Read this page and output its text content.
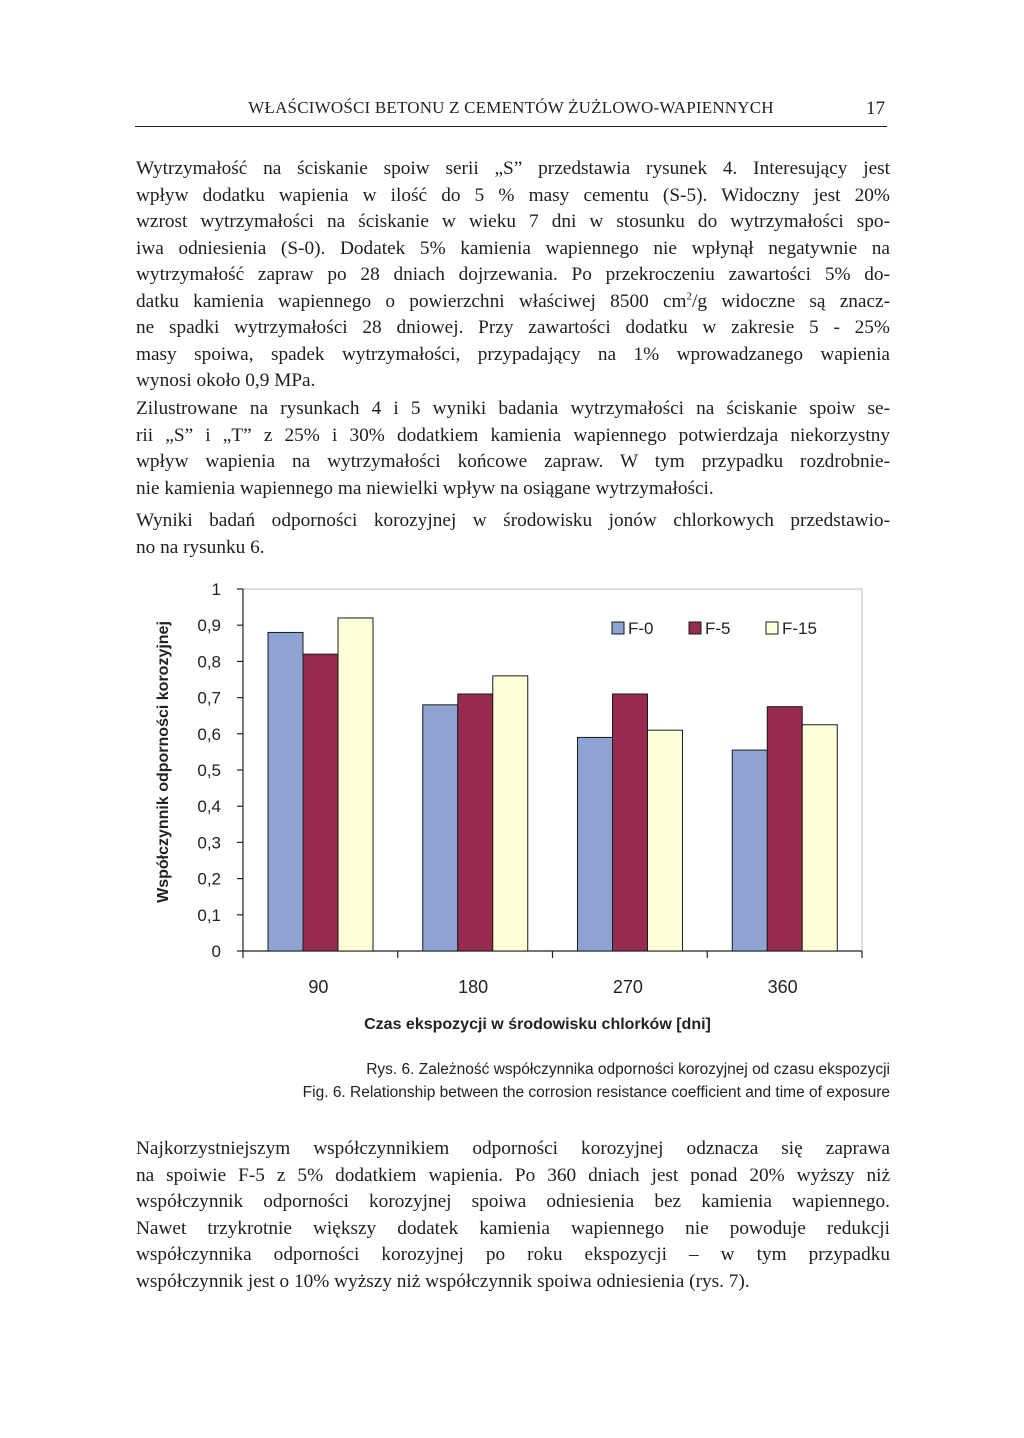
WŁAŚCIWOŚCI BETONU Z CEMENTÓW ŻUŻLOWO-WAPIENNYCH	17
Wytrzymałość na ściskanie spoiw serii „S” przedstawia rysunek 4. Interesujący jest
wpływ dodatku wapienia w ilość do 5 % masy cementu (S-5). Widoczny jest 20%
wzrost wytrzymałości na ściskanie w wieku 7 dni w stosunku do wytrzymałości spo-
iwa odniesienia (S-0). Dodatek 5% kamienia wapiennego nie wpłynął negatywnie na
wytrzymałość zapraw po 28 dniach dojrzewania. Po przekroczeniu zawartości 5% do-
datku kamienia wapiennego o powierzchni właściwej 8500 $cm^2/g$ widoczne są znacz-
ne spadki wytrzymałości 28 dniowej. Przy zawartości dodatku w zakresie 5 - 25%
masy spoiwa, spadek wytrzymałości, przypadający na 1% wprowadzanego wapienia
wynosi około 0,9 MPa.
Zilustrowane na rysunkach 4 i 5 wyniki badania wytrzymałości na ściskanie spoiw se-
rii „S” i „T” z 25% i 30% dodatkiem kamienia wapiennego potwierdzaja niekorzystny
wpływ wapienia na wytrzymałości końcowe zapraw. W tym przypadku rozdrobnie-
nie kamienia wapiennego ma niewielki wpływ na osiągane wytrzymałości.
Wyniki badań odporności korozyjnej w środowisku jonów chlorkowych przedstawio-
no na rysunku 6.
0
0,1
0,2
0,3
0,4
0,5
0,6
0,7
0,8
0,9
1
90	180	270	360
Czas ekspozycji w środowisku chlorków [dni]
Współczynnik odporności korozyjnej	F-0	F-5	F-15
Rys. 6. Zależność współczynnika odporności korozyjnej od czasu ekspozycji
Fig. 6. Relationship between the corrosion resistance coefficient and time of exposure
Najkorzystniejszym współczynnikiem odporności korozyjnej odznacza się zaprawa
na spoiwie F-5 z 5% dodatkiem wapienia. Po 360 dniach jest ponad 20% wyższy niż
współczynnik odporności korozyjnej spoiwa odniesienia bez kamienia wapiennego.
Nawet trzykrotnie większy dodatek kamienia wapiennego nie powoduje redukcji
współczynnika odporności korozyjnej po roku ekspozycji – w tym przypadku
współczynnik jest o 10% wyższy niż współczynnik spoiwa odniesienia (rys. 7).
